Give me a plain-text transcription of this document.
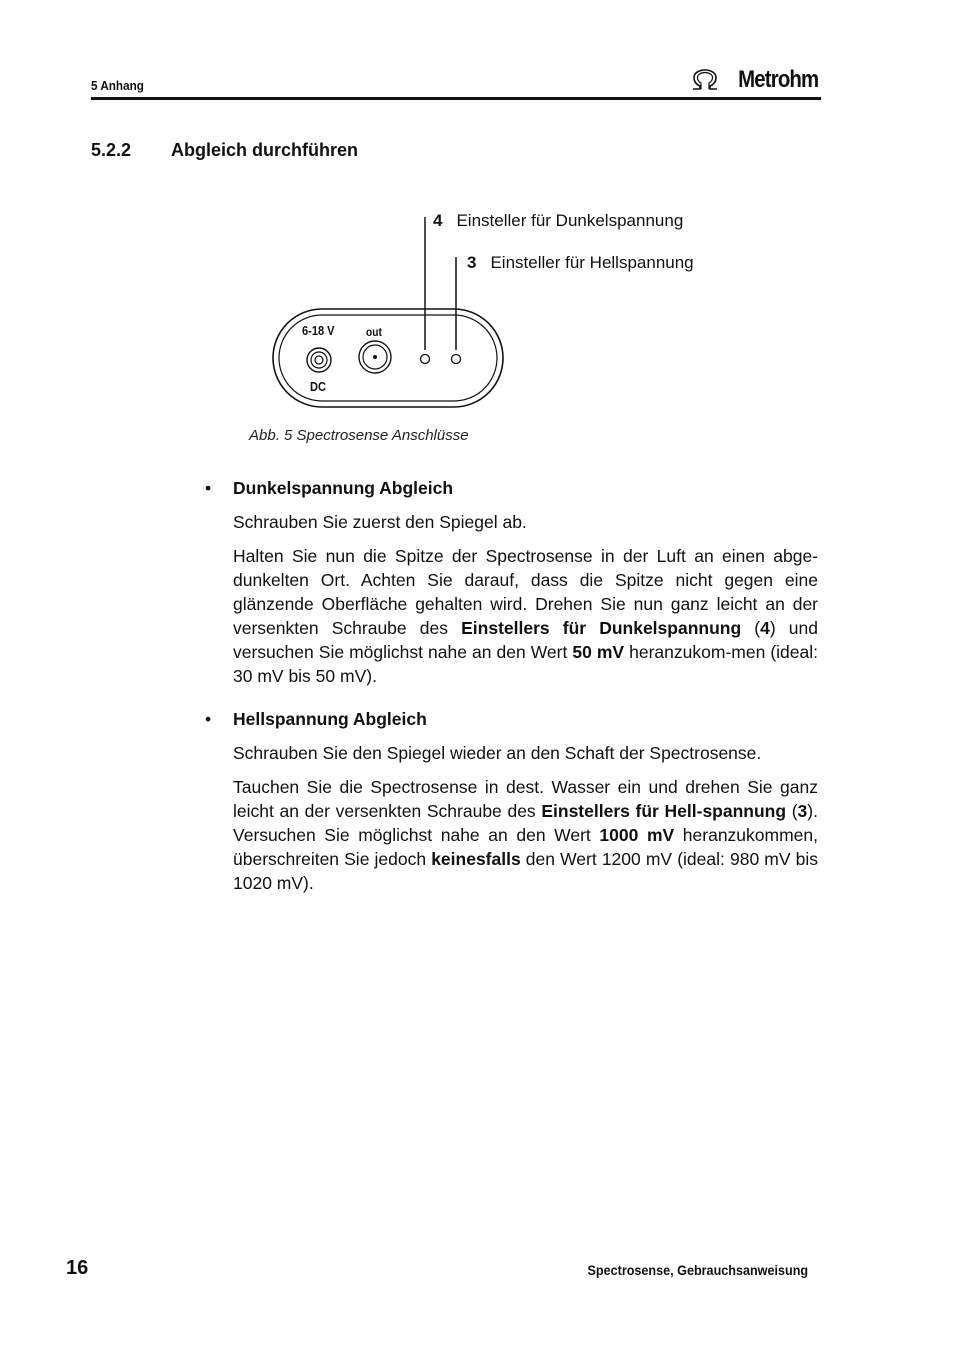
5 Anhang	Metrohm
5.2.2 Abgleich durchführen
4 Einsteller für Dunkelspannung
3 Einsteller für Hellspannung
6-18 V
DC
out
Abb. 5 Spectrosense Anschlüsse
• Dunkelspannung Abgleich

Schrauben Sie zuerst den Spiegel ab.

Halten Sie nun die Spitze der Spectrosense in der Luft an einen abge-dunkelten Ort. Achten Sie darauf, dass die Spitze nicht gegen eine glänzende Oberfläche gehalten wird. Drehen Sie nun ganz leicht an der versenkten Schraube des Einstellers für Dunkelspannung (4) und versuchen Sie möglichst nahe an den Wert 50 mV heranzukom-men (ideal: 30 mV bis 50 mV).

• Hellspannung Abgleich

Schrauben Sie den Spiegel wieder an den Schaft der Spectrosense.

Tauchen Sie die Spectrosense in dest. Wasser ein und drehen Sie ganz leicht an der versenkten Schraube des Einstellers für Hell-spannung (3). Versuchen Sie möglichst nahe an den Wert 1000 mV heranzukommen, überschreiten Sie jedoch keinesfalls den Wert 1200 mV (ideal: 980 mV bis 1020 mV).

16	Spectrosense, Gebrauchsanweisung
